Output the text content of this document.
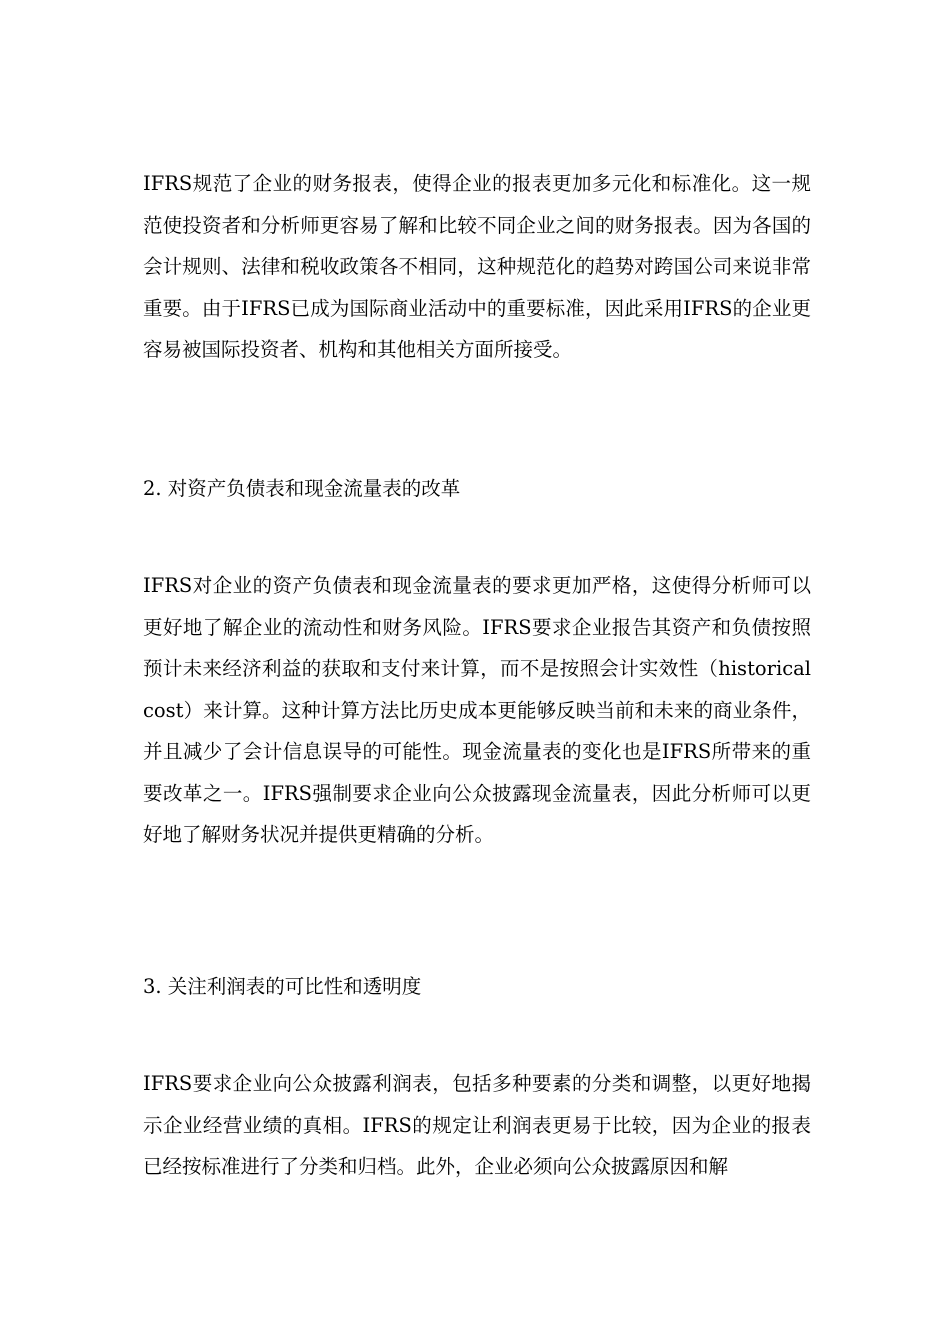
IFRS规范了企业的财务报表，使得企业的报表更加多元化和标准化。这一规范使投资者和分析师更容易了解和比较不同企业之间的财务报表。因为各国的会计规则、法律和税收政策各不相同，这种规范化的趋势对跨国公司来说非常重要。由于IFRS已成为国际商业活动中的重要标准，因此采用IFRS的企业更容易被国际投资者、机构和其他相关方面所接受。

2. 对资产负债表和现金流量表的改革

IFRS对企业的资产负债表和现金流量表的要求更加严格，这使得分析师可以更好地了解企业的流动性和财务风险。IFRS要求企业报告其资产和负债按照预计未来经济利益的获取和支付来计算，而不是按照会计实效性（historical cost）来计算。这种计算方法比历史成本更能够反映当前和未来的商业条件，并且减少了会计信息误导的可能性。现金流量表的变化也是IFRS所带来的重要改革之一。IFRS强制要求企业向公众披露现金流量表，因此分析师可以更好地了解财务状况并提供更精确的分析。

3. 关注利润表的可比性和透明度

IFRS要求企业向公众披露利润表，包括多种要素的分类和调整，以更好地揭示企业经营业绩的真相。IFRS的规定让利润表更易于比较，因为企业的报表已经按标准进行了分类和归档。此外，企业必须向公众披露原因和解
